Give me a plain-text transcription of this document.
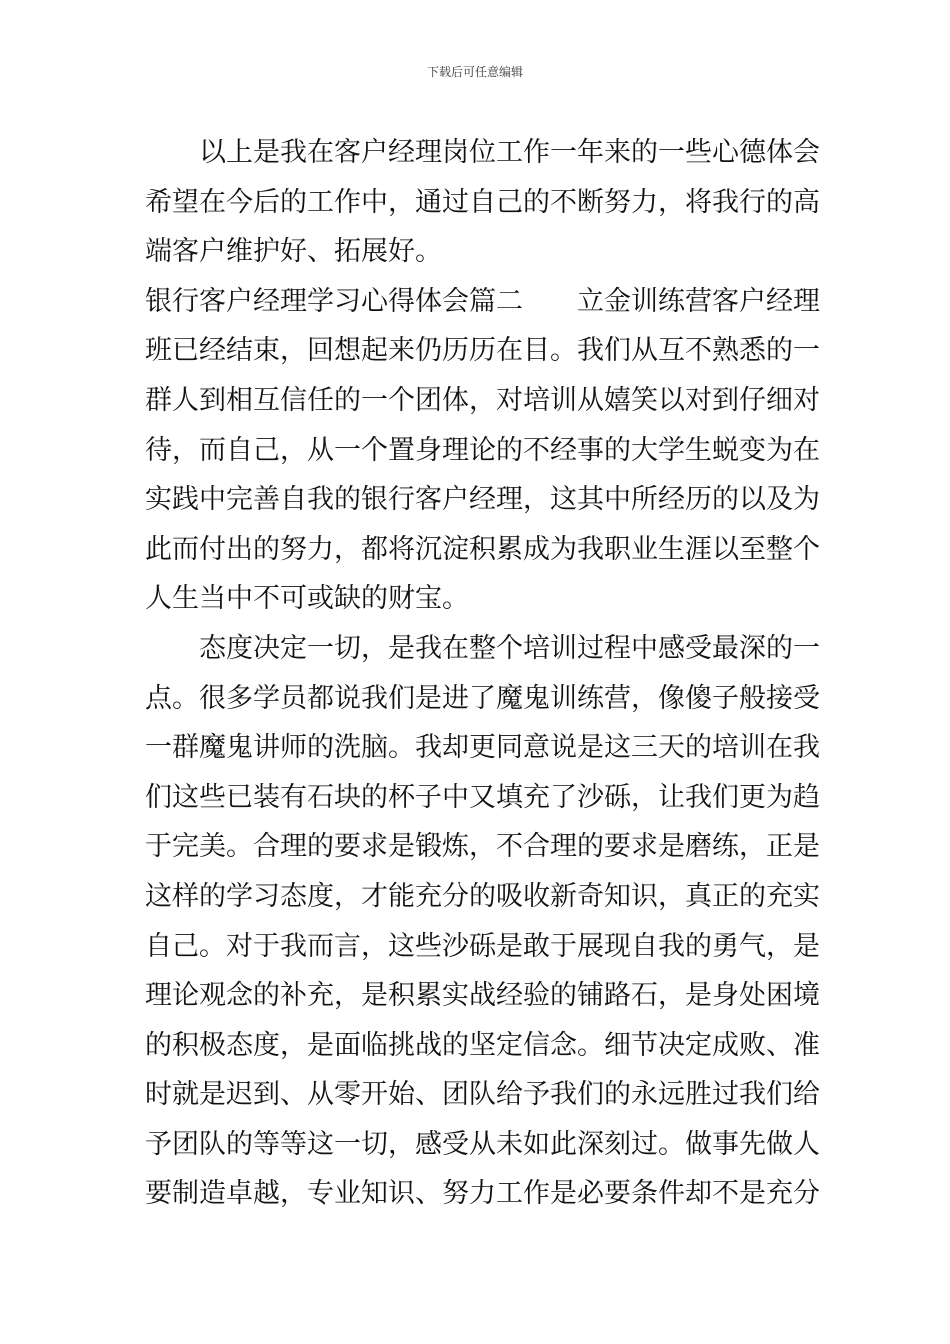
下载后可任意编辑
　　以上是我在客户经理岗位工作一年来的一些心德体会
希望在今后的工作中，通过自己的不断努力，将我行的高
端客户维护好、拓展好。
银行客户经理学习心得体会篇二　　立金训练营客户经理
班已经结束，回想起来仍历历在目。我们从互不熟悉的一
群人到相互信任的一个团体，对培训从嬉笑以对到仔细对
待，而自己，从一个置身理论的不经事的大学生蜕变为在
实践中完善自我的银行客户经理，这其中所经历的以及为
此而付出的努力，都将沉淀积累成为我职业生涯以至整个
人生当中不可或缺的财宝。
　　态度决定一切，是我在整个培训过程中感受最深的一
点。很多学员都说我们是进了魔鬼训练营，像傻子般接受
一群魔鬼讲师的洗脑。我却更同意说是这三天的培训在我
们这些已装有石块的杯子中又填充了沙砾，让我们更为趋
于完美。合理的要求是锻炼，不合理的要求是磨练，正是
这样的学习态度，才能充分的吸收新奇知识，真正的充实
自己。对于我而言，这些沙砾是敢于展现自我的勇气，是
理论观念的补充，是积累实战经验的铺路石，是身处困境
的积极态度，是面临挑战的坚定信念。细节决定成败、准
时就是迟到、从零开始、团队给予我们的永远胜过我们给
予团队的等等这一切，感受从未如此深刻过。做事先做人
要制造卓越，专业知识、努力工作是必要条件却不是充分
